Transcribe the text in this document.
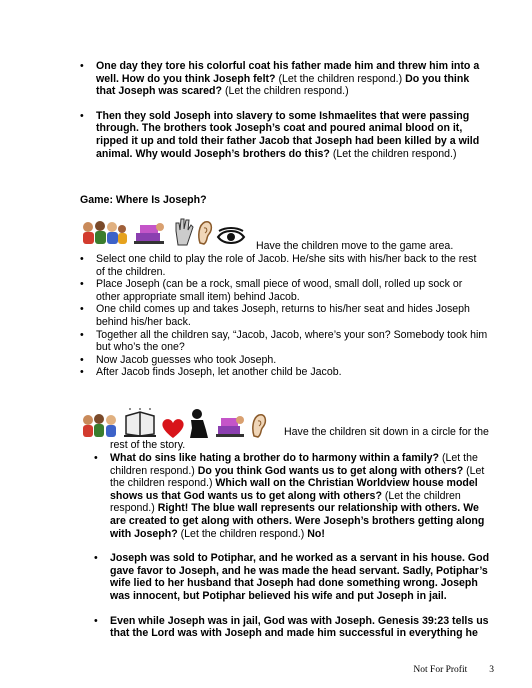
• One day they tore his colorful coat his father made him and threw him into a well. How do you think Joseph felt? (Let the children respond.) Do you think that Joseph was scared? (Let the children respond.)
• Then they sold Joseph into slavery to some Ishmaelites that were passing through. The brothers took Joseph’s coat and poured animal blood on it, ripped it up and told their father Jacob that Joseph had been killed by a wild animal. Why would Joseph’s brothers do this? (Let the children respond.)
Game: Where Is Joseph?
Have the children move to the game area.
• Select one child to play the role of Jacob. He/she sits with his/her back to the rest of the children.
• Place Joseph (can be a rock, small piece of wood, small doll, rolled up sock or other appropriate small item) behind Jacob.
• One child comes up and takes Joseph, returns to his/her seat and hides Joseph behind his/her back.
• Together all the children say, “Jacob, Jacob, where’s your son? Somebody took him but who’s the one?
• Now Jacob guesses who took Joseph.
• After Jacob finds Joseph, let another child be Jacob.
Have the children sit down in a circle for the
rest of the story.
• What do sins like hating a brother do to harmony within a family? (Let the children respond.) Do you think God wants us to get along with others? (Let the children respond.) Which wall on the Christian Worldview house model shows us that God wants us to get along with others? (Let the children respond.) Right! The blue wall represents our relationship with others. We are created to get along with others. Were Joseph’s brothers getting along with Joseph? (Let the children respond.) No!
• Joseph was sold to Potiphar, and he worked as a servant in his house. God gave favor to Joseph, and he was made the head servant. Sadly, Potiphar’s wife lied to her husband that Joseph had done something wrong. Joseph was innocent, but Potiphar believed his wife and put Joseph in jail.
• Even while Joseph was in jail, God was with Joseph. Genesis 39:23 tells us that the Lord was with Joseph and made him successful in everything he
Not For Profit 3
